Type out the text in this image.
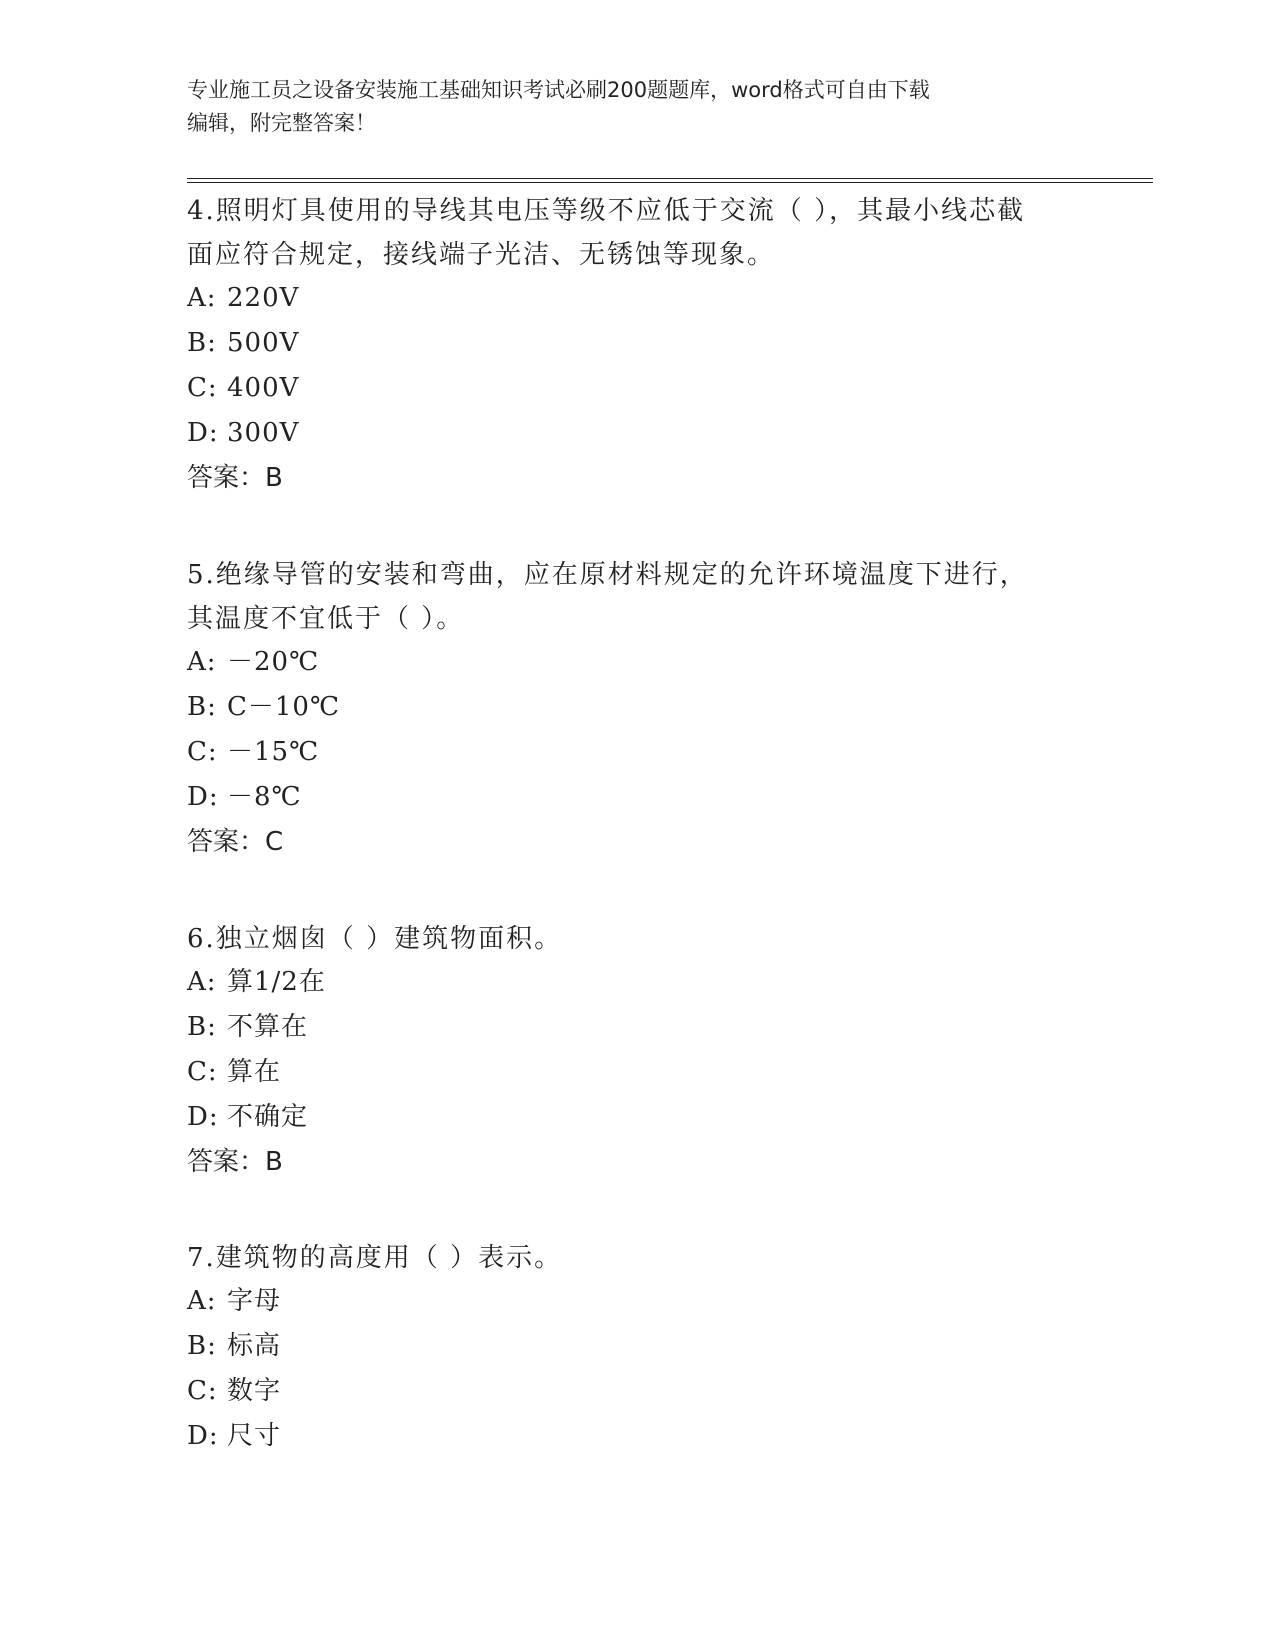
专业施工员之设备安装施工基础知识考试必刷200题题库，word格式可自由下载
编辑，附完整答案！

4.照明灯具使用的导线其电压等级不应低于交流（ ），其最小线芯截
面应符合规定，接线端子光洁、无锈蚀等现象。

A: 220V

B: 500V

C: 400V

D: 300V

答案：B

5.绝缘导管的安装和弯曲，应在原材料规定的允许环境温度下进行，
其温度不宜低于（ ）。

A: －20℃

B: C－10℃

C: －15℃

D: －8℃

答案：C

6.独立烟囱（ ）建筑物面积。

A: 算1/2在

B: 不算在

C: 算在

D: 不确定

答案：B

7.建筑物的高度用（ ）表示。

A: 字母

B: 标高

C: 数字

D: 尺寸
